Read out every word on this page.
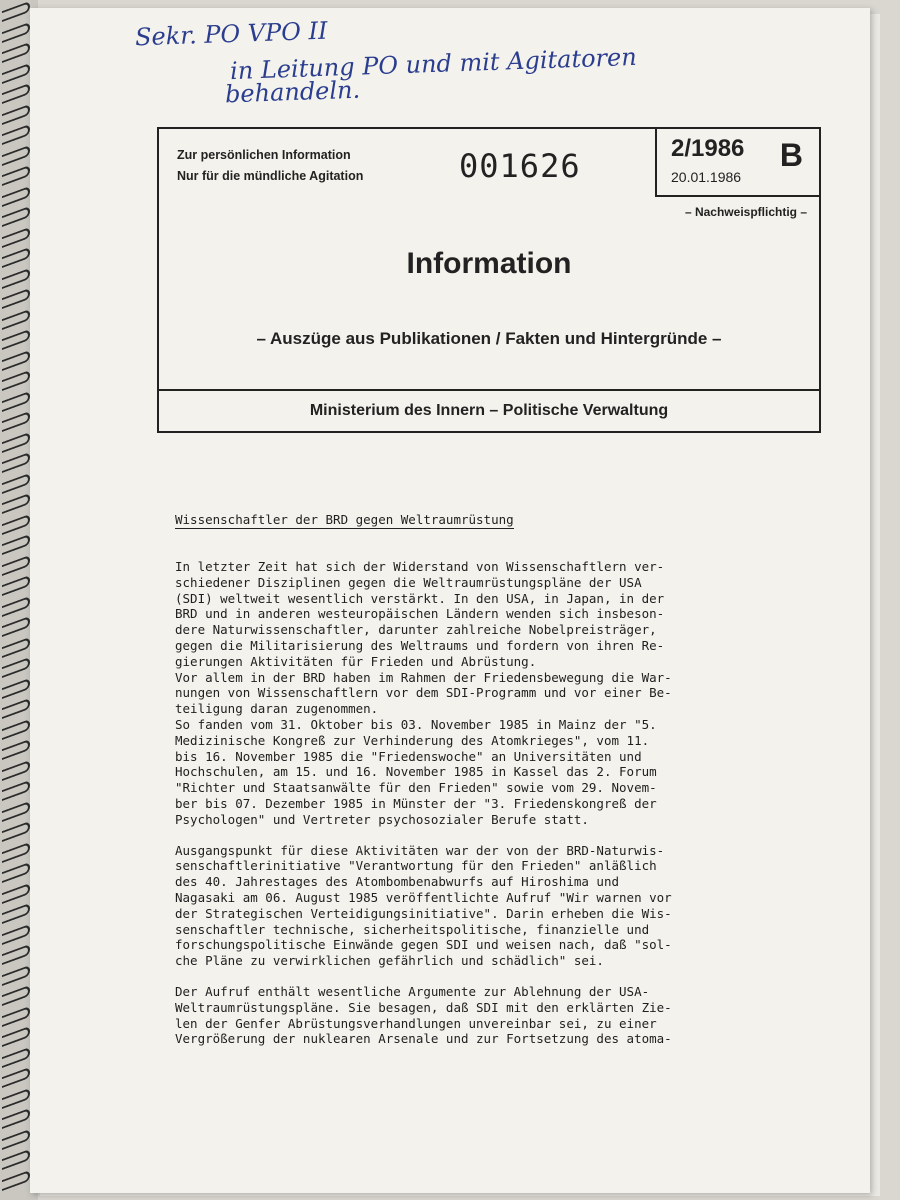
Sekr. PO VPO II
in Leitung PO und mit Agitatoren
behandeln.
Zur persönlichen Information
Nur für die mündliche Agitation	001626	2/1986 B
20.01.1986
– Nachweispflichtig –
Information
– Auszüge aus Publikationen / Fakten und Hintergründe –
Ministerium des Innern – Politische Verwaltung
Wissenschaftler der BRD gegen Weltraumrüstung

In letzter Zeit hat sich der Widerstand von Wissenschaftlern ver-
schiedener Disziplinen gegen die Weltraumrüstungspläne der USA
(SDI) weltweit wesentlich verstärkt. In den USA, in Japan, in der
BRD und in anderen westeuropäischen Ländern wenden sich insbeson-
dere Naturwissenschaftler, darunter zahlreiche Nobelpreisträger,
gegen die Militarisierung des Weltraums und fordern von ihren Re-
gierungen Aktivitäten für Frieden und Abrüstung.
Vor allem in der BRD haben im Rahmen der Friedensbewegung die War-
nungen von Wissenschaftlern vor dem SDI-Programm und vor einer Be-
teiligung daran zugenommen.
So fanden vom 31. Oktober bis 03. November 1985 in Mainz der "5.
Medizinische Kongreß zur Verhinderung des Atomkrieges", vom 11.
bis 16. November 1985 die "Friedenswoche" an Universitäten und
Hochschulen, am 15. und 16. November 1985 in Kassel das 2. Forum
"Richter und Staatsanwälte für den Frieden" sowie vom 29. Novem-
ber bis 07. Dezember 1985 in Münster der "3. Friedenskongreß der
Psychologen" und Vertreter psychosozialer Berufe statt.

Ausgangspunkt für diese Aktivitäten war der von der BRD-Naturwis-
senschaftlerinitiative "Verantwortung für den Frieden" anläßlich
des 40. Jahrestages des Atombombenabwurfs auf Hiroshima und
Nagasaki am 06. August 1985 veröffentlichte Aufruf "Wir warnen vor
der Strategischen Verteidigungsinitiative". Darin erheben die Wis-
senschaftler technische, sicherheitspolitische, finanzielle und
forschungspolitische Einwände gegen SDI und weisen nach, daß "sol-
che Pläne zu verwirklichen gefährlich und schädlich" sei.

Der Aufruf enthält wesentliche Argumente zur Ablehnung der USA-
Weltraumrüstungspläne. Sie besagen, daß SDI mit den erklärten Zie-
len der Genfer Abrüstungsverhandlungen unvereinbar sei, zu einer
Vergrößerung der nuklearen Arsenale und zur Fortsetzung des atoma-
